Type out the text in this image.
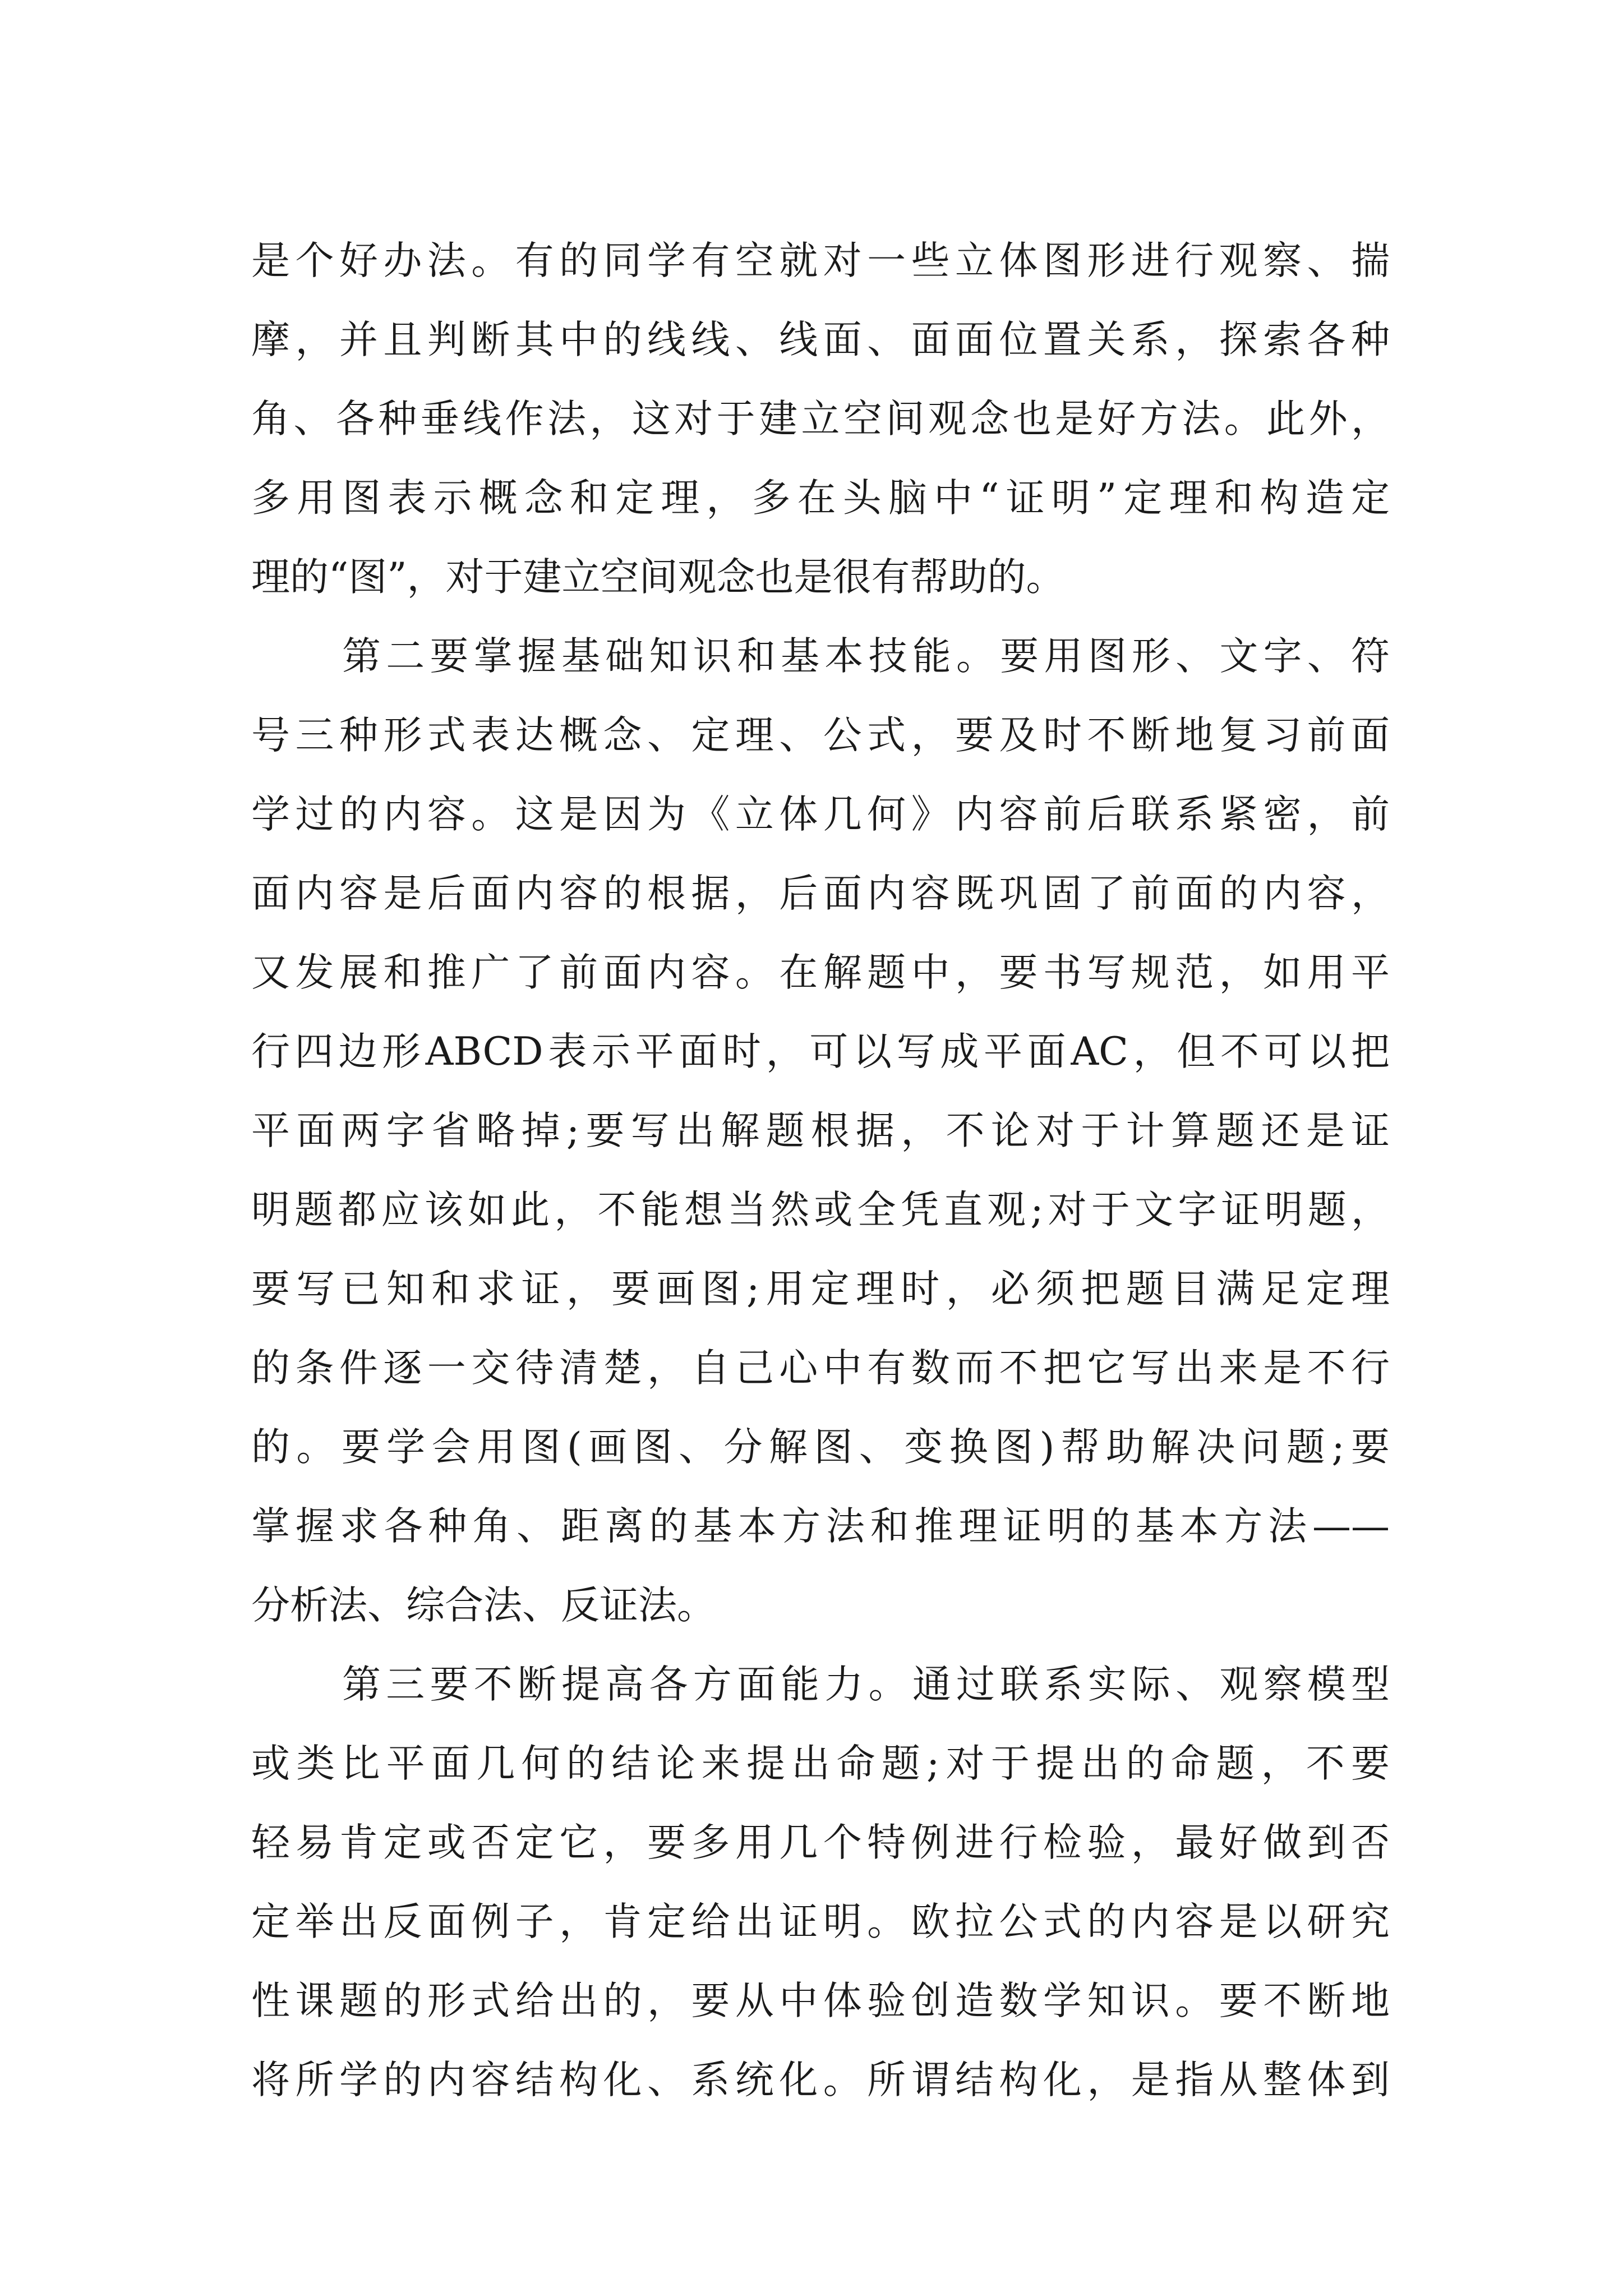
是个好办法。有的同学有空就对一些立体图形进行观察、揣
摩，并且判断其中的线线、线面、面面位置关系，探索各种
角、各种垂线作法，这对于建立空间观念也是好方法。此外，
多用图表示概念和定理，多在头脑中“证明”定理和构造定
理的“图”，对于建立空间观念也是很有帮助的。
第二要掌握基础知识和基本技能。要用图形、文字、符
号三种形式表达概念、定理、公式，要及时不断地复习前面
学过的内容。这是因为《立体几何》内容前后联系紧密，前
面内容是后面内容的根据，后面内容既巩固了前面的内容，
又发展和推广了前面内容。在解题中，要书写规范，如用平
行四边形ABCD表示平面时，可以写成平面AC，但不可以把
平面两字省略掉;要写出解题根据，不论对于计算题还是证
明题都应该如此，不能想当然或全凭直观;对于文字证明题，
要写已知和求证，要画图;用定理时，必须把题目满足定理
的条件逐一交待清楚，自己心中有数而不把它写出来是不行
的。要学会用图(画图、分解图、变换图)帮助解决问题;要
掌握求各种角、距离的基本方法和推理证明的基本方法——
分析法、综合法、反证法。
第三要不断提高各方面能力。通过联系实际、观察模型
或类比平面几何的结论来提出命题;对于提出的命题，不要
轻易肯定或否定它，要多用几个特例进行检验，最好做到否
定举出反面例子，肯定给出证明。欧拉公式的内容是以研究
性课题的形式给出的，要从中体验创造数学知识。要不断地
将所学的内容结构化、系统化。所谓结构化，是指从整体到
